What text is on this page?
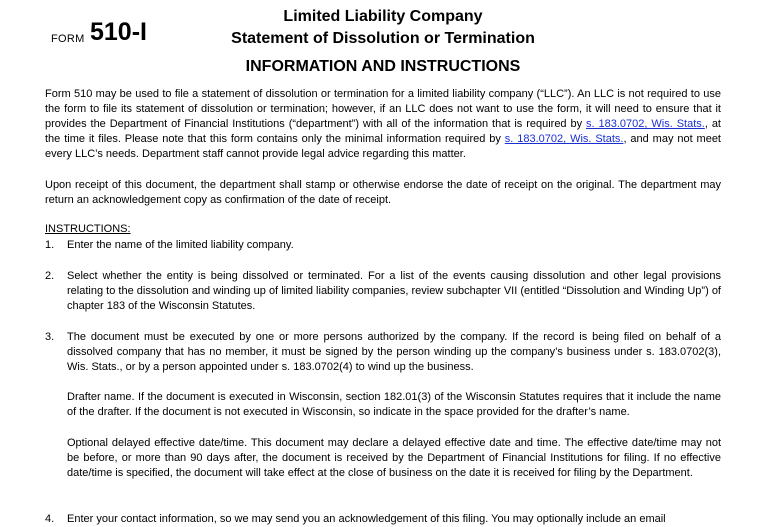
FORM 510-I
Limited Liability Company
Statement of Dissolution or Termination
INFORMATION AND INSTRUCTIONS

Form 510 may be used to file a statement of dissolution or termination for a limited liability company (“LLC”). An LLC is not required to use the form to file its statement of dissolution or termination; however, if an LLC does not want to use the form, it will need to ensure that it provides the Department of Financial Institutions (“department”) with all of the information that is required by s. 183.0702, Wis. Stats., at the time it files. Please note that this form contains only the minimal information required by s. 183.0702, Wis. Stats., and may not meet every LLC’s needs. Department staff cannot provide legal advice regarding this matter.

Upon receipt of this document, the department shall stamp or otherwise endorse the date of receipt on the original. The department may return an acknowledgement copy as confirmation of the date of receipt.

INSTRUCTIONS:
1. Enter the name of the limited liability company.
2. Select whether the entity is being dissolved or terminated. For a list of the events causing dissolution and other legal provisions relating to the dissolution and winding up of limited liability companies, review subchapter VII (entitled “Dissolution and Winding Up”) of chapter 183 of the Wisconsin Statutes.
3. The document must be executed by one or more persons authorized by the company. If the record is being filed on behalf of a dissolved company that has no member, it must be signed by the person winding up the company’s business under s. 183.0702(3), Wis. Stats., or by a person appointed under s. 183.0702(4) to wind up the business.

Drafter name. If the document is executed in Wisconsin, section 182.01(3) of the Wisconsin Statutes requires that it include the name of the drafter. If the document is not executed in Wisconsin, so indicate in the space provided for the drafter’s name.

Optional delayed effective date/time. This document may declare a delayed effective date and time. The effective date/time may not be before, or more than 90 days after, the document is received by the Department of Financial Institutions for filing. If no effective date/time is specified, the document will take effect at the close of business on the date it is received for filing by the Department.

4. Enter your contact information, so we may send you an acknowledgement of this filing. You may optionally include an email
